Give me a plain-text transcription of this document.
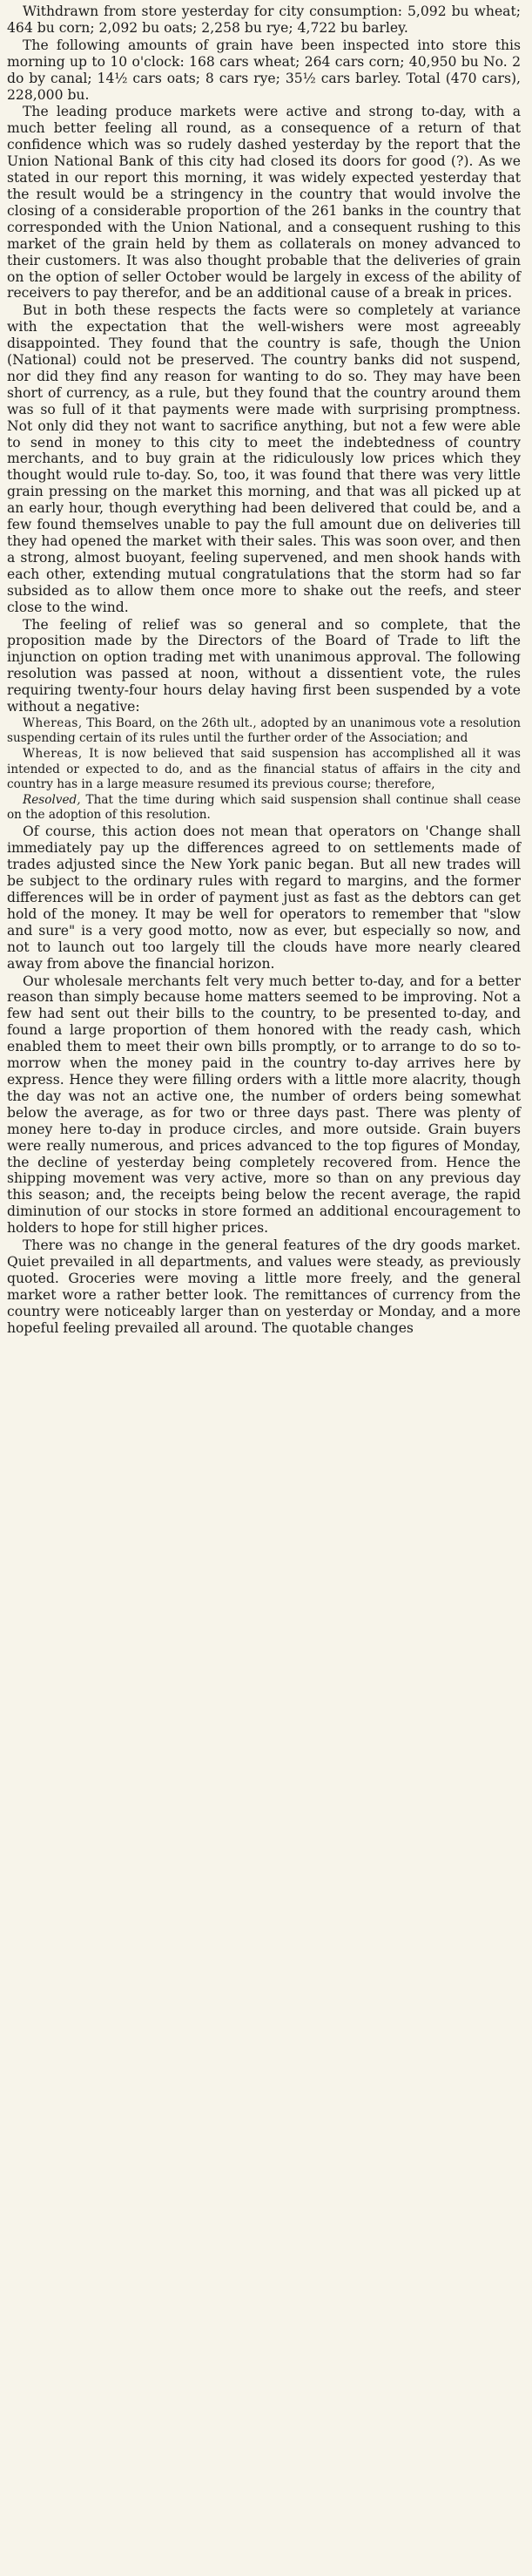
Withdrawn from store yesterday for city consumption: 5,092 bu wheat; 464 bu corn; 2,092 bu oats; 2,258 bu rye; 4,722 bu barley.

The following amounts of grain have been inspected into store this morning up to 10 o'clock: 168 cars wheat; 264 cars corn; 40,950 bu No. 2 do by canal; 14½ cars oats; 8 cars rye; 35½ cars barley. Total (470 cars), 228,000 bu.

The leading produce markets were active and strong to-day, with a much better feeling all round, as a consequence of a return of that confidence which was so rudely dashed yesterday by the report that the Union National Bank of this city had closed its doors for good (?). As we stated in our report this morning, it was widely expected yesterday that the result would be a stringency in the country that would involve the closing of a considerable proportion of the 261 banks in the country that corresponded with the Union National, and a consequent rushing to this market of the grain held by them as collaterals on money advanced to their customers. It was also thought probable that the deliveries of grain on the option of seller October would be largely in excess of the ability of receivers to pay therefor, and be an additional cause of a break in prices.

But in both these respects the facts were so completely at variance with the expectation that the well-wishers were most agreeably disappointed. They found that the country is safe, though the Union (National) could not be preserved. The country banks did not suspend, nor did they find any reason for wanting to do so. They may have been short of currency, as a rule, but they found that the country around them was so full of it that payments were made with surprising promptness. Not only did they not want to sacrifice anything, but not a few were able to send in money to this city to meet the indebtedness of country merchants, and to buy grain at the ridiculously low prices which they thought would rule to-day. So, too, it was found that there was very little grain pressing on the market this morning, and that was all picked up at an early hour, though everything had been delivered that could be, and a few found themselves unable to pay the full amount due on deliveries till they had opened the market with their sales. This was soon over, and then a strong, almost buoyant, feeling supervened, and men shook hands with each other, extending mutual congratulations that the storm had so far subsided as to allow them once more to shake out the reefs, and steer close to the wind.

The feeling of relief was so general and so complete, that the proposition made by the Directors of the Board of Trade to lift the injunction on option trading met with unanimous approval. The following resolution was passed at noon, without a dissentient vote, the rules requiring twenty-four hours delay having first been suspended by a vote without a negative:

Whereas, This Board, on the 26th ult., adopted by an unanimous vote a resolution suspending certain of its rules until the further order of the Association; and

Whereas, It is now believed that said suspension has accomplished all it was intended or expected to do, and as the financial status of affairs in the city and country has in a large measure resumed its previous course; therefore,

Resolved, That the time during which said suspension shall continue shall cease on the adoption of this resolution.

Of course, this action does not mean that operators on 'Change shall immediately pay up the differences agreed to on settlements made of trades adjusted since the New York panic began. But all new trades will be subject to the ordinary rules with regard to margins, and the former differences will be in order of payment just as fast as the debtors can get hold of the money. It may be well for operators to remember that "slow and sure" is a very good motto, now as ever, but especially so now, and not to launch out too largely till the clouds have more nearly cleared away from above the financial horizon.

Our wholesale merchants felt very much better to-day, and for a better reason than simply because home matters seemed to be improving. Not a few had sent out their bills to the country, to be presented to-day, and found a large proportion of them honored with the ready cash, which enabled them to meet their own bills promptly, or to arrange to do so to-morrow when the money paid in the country to-day arrives here by express. Hence they were filling orders with a little more alacrity, though the day was not an active one, the number of orders being somewhat below the average, as for two or three days past. There was plenty of money here to-day in produce circles, and more outside. Grain buyers were really numerous, and prices advanced to the top figures of Monday, the decline of yesterday being completely recovered from. Hence the shipping movement was very active, more so than on any previous day this season; and, the receipts being below the recent average, the rapid diminution of our stocks in store formed an additional encouragement to holders to hope for still higher prices.

There was no change in the general features of the dry goods market. Quiet prevailed in all departments, and values were steady, as previously quoted. Groceries were moving a little more freely, and the general market wore a rather better look. The remittances of currency from the country were noticeably larger than on yesterday or Monday, and a more hopeful feeling prevailed all around. The quotable changes
